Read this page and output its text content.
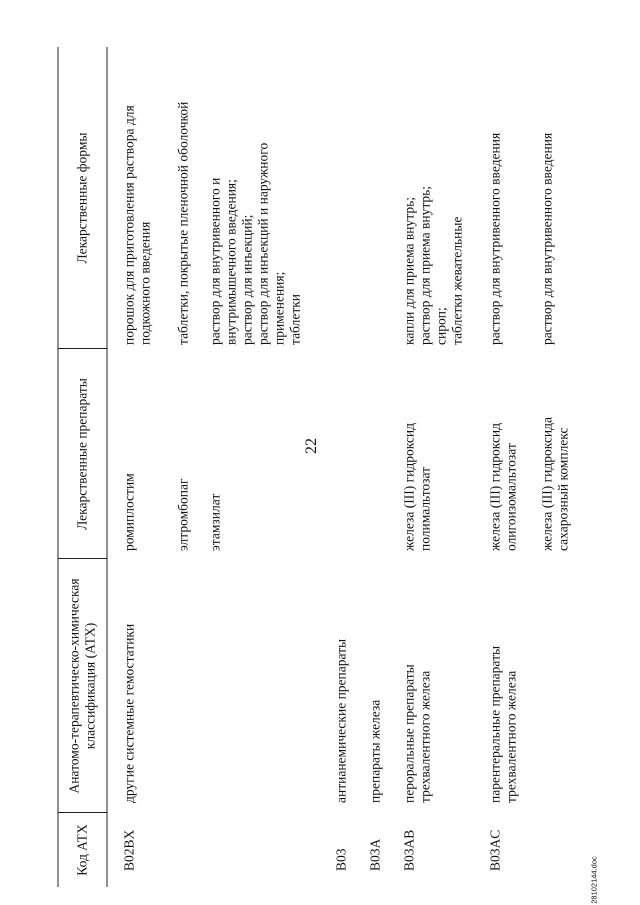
22
28102144.doc
Код АТХ
Анатомо-терапевтическо-химическая классификация (АТХ)
Лекарственные препараты
Лекарственные формы
B02BX
другие системные гемостатики
ромиплостим
порошок для приготовления раствора для подкожного введения
элтромбопаг
таблетки, покрытые пленочной оболочкой
этамзилат
раствор для внутривенного и внутримышечного введения;
раствор для инъекций;
раствор для инъекций и наружного применения;
таблетки
B03
антианемические препараты
B03A
препараты железа
B03AB
пероральные препараты трехвалентного железа
железа (III) гидроксид полимальтозат
капли для приема внутрь;
раствор для приема внутрь;
сироп;
таблетки жевательные
B03AC
парентеральные препараты трехвалентного железа
железа (III) гидроксид олигоизомальтозат
раствор для внутривенного введения
железа (III) гидроксида сахарозный комплекс
раствор для внутривенного введения
